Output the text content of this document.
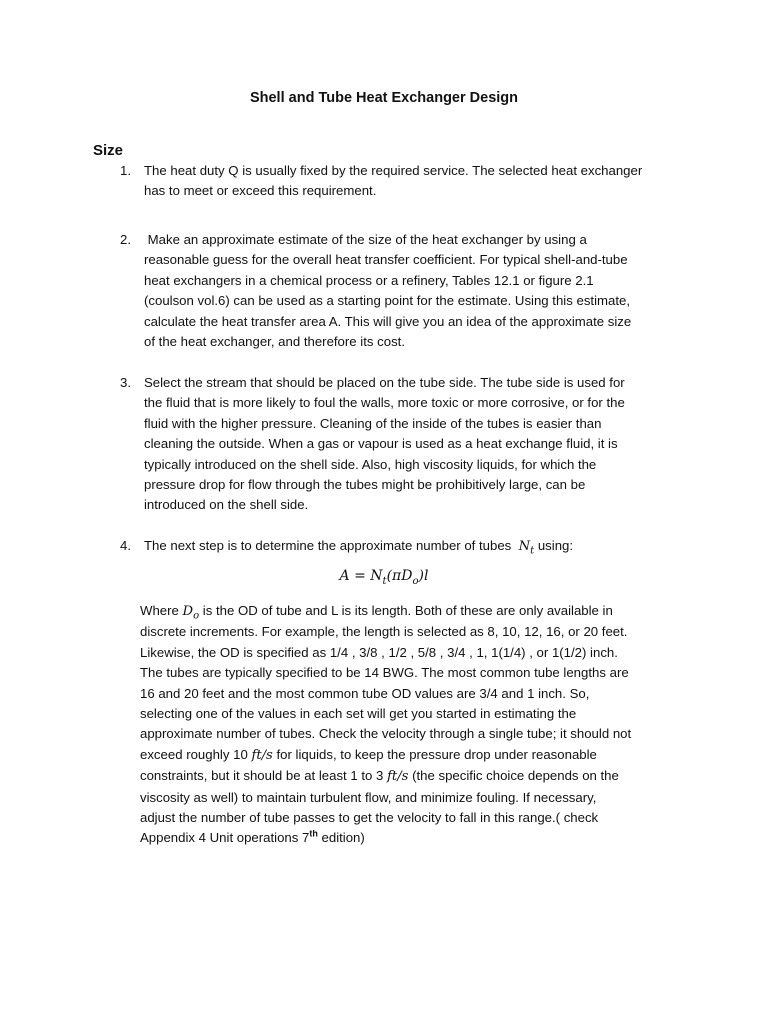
Shell and Tube Heat Exchanger Design
Size
1. The heat duty Q is usually fixed by the required service. The selected heat exchanger
has to meet or exceed this requirement.
2. Make an approximate estimate of the size of the heat exchanger by using a
reasonable guess for the overall heat transfer coefficient. For typical shell-and-tube
heat exchangers in a chemical process or a refinery, Tables 12.1 or figure 2.1
(coulson vol.6) can be used as a starting point for the estimate. Using this estimate,
calculate the heat transfer area A. This will give you an idea of the approximate size
of the heat exchanger, and therefore its cost.
3. Select the stream that should be placed on the tube side. The tube side is used for
the fluid that is more likely to foul the walls, more toxic or more corrosive, or for the
fluid with the higher pressure. Cleaning of the inside of the tubes is easier than
cleaning the outside. When a gas or vapour is used as a heat exchange fluid, it is
typically introduced on the shell side. Also, high viscosity liquids, for which the
pressure drop for flow through the tubes might be prohibitively large, can be
introduced on the shell side.
4. The next step is to determine the approximate number of tubes  $N_t$ using:
$A = N_t(\pi D_o)l$
Where $D_o$ is the OD of tube and L is its length. Both of these are only available in
discrete increments. For example, the length is selected as 8, 10, 12, 16, or 20 feet.
Likewise, the OD is specified as 1/4 , 3/8 , 1/2 , 5/8 , 3/4 , 1, 1(1/4) , or 1(1/2) inch.
The tubes are typically specified to be 14 BWG. The most common tube lengths are
16 and 20 feet and the most common tube OD values are 3/4 and 1 inch. So,
selecting one of the values in each set will get you started in estimating the
approximate number of tubes. Check the velocity through a single tube; it should not
exceed roughly 10 ft/s for liquids, to keep the pressure drop under reasonable
constraints, but it should be at least 1 to 3 ft/s (the specific choice depends on the
viscosity as well) to maintain turbulent flow, and minimize fouling. If necessary,
adjust the number of tube passes to get the velocity to fall in this range.( check
Appendix 4 Unit operations 7th edition)
